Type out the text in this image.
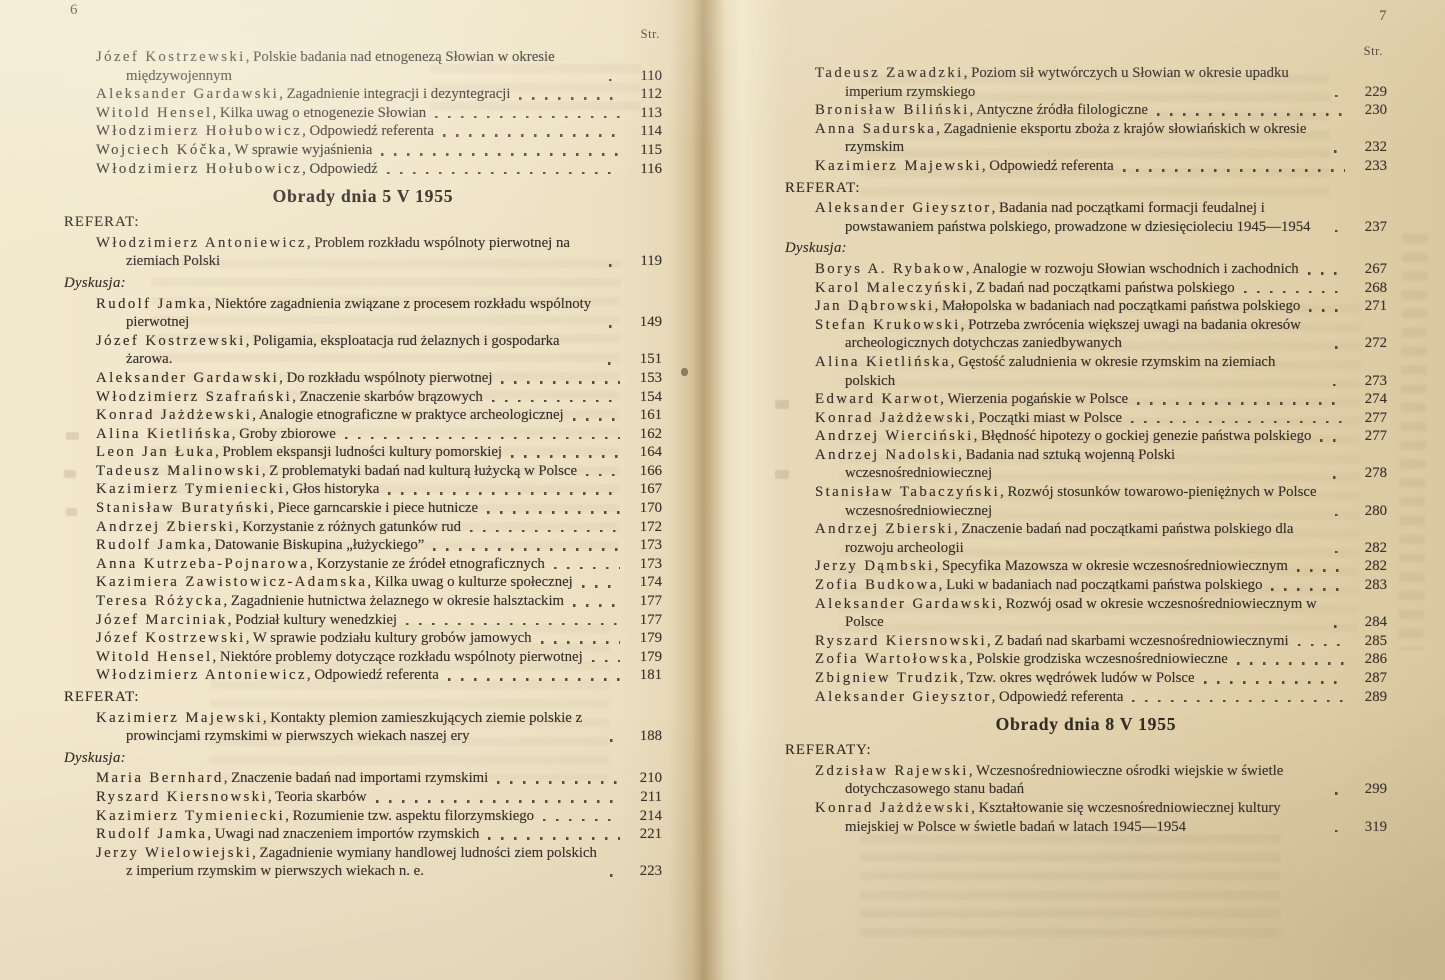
6
Str.
Józef Kostrzewski, Polskie badania nad etnogenezą Słowian w okresie międzywojennym	110
Aleksander Gardawski, Zagadnienie integracji i dezyntegracji	112
Witold Hensel, Kilka uwag o etnogenezie Słowian	113
Włodzimierz Hołubowicz, Odpowiedź referenta	114
Wojciech Kóčka, W sprawie wyjaśnienia	115
Włodzimierz Hołubowicz, Odpowiedź	116
Obrady dnia 5 V 1955
REFERAT:
Włodzimierz Antoniewicz, Problem rozkładu wspólnoty pierwotnej na ziemiach Polski	119
Dyskusja:
Rudolf Jamka, Niektóre zagadnienia związane z procesem rozkładu wspólnoty pierwotnej	149
Józef Kostrzewski, Poligamia, eksploatacja rud żelaznych i gospodarka żarowa.	151
Aleksander Gardawski, Do rozkładu wspólnoty pierwotnej	153
Włodzimierz Szafrański, Znaczenie skarbów brązowych	154
Konrad Jażdżewski, Analogie etnograficzne w praktyce archeologicznej	161
Alina Kietlińska, Groby zbiorowe	162
Leon Jan Łuka, Problem ekspansji ludności kultury pomorskiej	164
Tadeusz Malinowski, Z problematyki badań nad kulturą łużycką w Polsce	166
Kazimierz Tymieniecki, Głos historyka	167
Stanisław Buratyński, Piece garncarskie i piece hutnicze	170
Andrzej Zbierski, Korzystanie z różnych gatunków rud	172
Rudolf Jamka, Datowanie Biskupina „łużyckiego”	173
Anna Kutrzeba-Pojnarowa, Korzystanie ze źródeł etnograficznych	173
Kazimiera Zawistowicz-Adamska, Kilka uwag o kulturze społecznej	174
Teresa Różycka, Zagadnienie hutnictwa żelaznego w okresie halsztackim	177
Józef Marciniak, Podział kultury wenedzkiej	177
Józef Kostrzewski, W sprawie podziału kultury grobów jamowych	179
Witold Hensel, Niektóre problemy dotyczące rozkładu wspólnoty pierwotnej	179
Włodzimierz Antoniewicz, Odpowiedź referenta	181
REFERAT:
Kazimierz Majewski, Kontakty plemion zamieszkujących ziemie polskie z prowincjami rzymskimi w pierwszych wiekach naszej ery	188
Dyskusja:
Maria Bernhard, Znaczenie badań nad importami rzymskimi	210
Ryszard Kiersnowski, Teoria skarbów	211
Kazimierz Tymieniecki, Rozumienie tzw. aspektu filorzymskiego	214
Rudolf Jamka, Uwagi nad znaczeniem importów rzymskich	221
Jerzy Wielowiejski, Zagadnienie wymiany handlowej ludności ziem polskich z imperium rzymskim w pierwszych wiekach n. e.	223
7
Str.
Tadeusz Zawadzki, Poziom sił wytwórczych u Słowian w okresie upadku imperium rzymskiego	229
Bronisław Biliński, Antyczne źródła filologiczne	230
Anna Sadurska, Zagadnienie eksportu zboża z krajów słowiańskich w okresie rzymskim	232
Kazimierz Majewski, Odpowiedź referenta	233
REFERAT:
Aleksander Gieysztor, Badania nad początkami formacji feudalnej i powstawaniem państwa polskiego, prowadzone w dziesięcioleciu 1945—1954	237
Dyskusja:
Borys A. Rybakow, Analogie w rozwoju Słowian wschodnich i zachodnich	267
Karol Maleczyński, Z badań nad początkami państwa polskiego	268
Jan Dąbrowski, Małopolska w badaniach nad początkami państwa polskiego	271
Stefan Krukowski, Potrzeba zwrócenia większej uwagi na badania okresów archeologicznych dotychczas zaniedbywanych	272
Alina Kietlińska, Gęstość zaludnienia w okresie rzymskim na ziemiach polskich	273
Edward Karwot, Wierzenia pogańskie w Polsce	274
Konrad Jażdżewski, Początki miast w Polsce	277
Andrzej Wierciński, Błędność hipotezy o gockiej genezie państwa polskiego	277
Andrzej Nadolski, Badania nad sztuką wojenną Polski wczesnośredniowiecznej	278
Stanisław Tabaczyński, Rozwój stosunków towarowo-pieniężnych w Polsce wczesnośredniowiecznej	280
Andrzej Zbierski, Znaczenie badań nad początkami państwa polskiego dla rozwoju archeologii	282
Jerzy Dąmbski, Specyfika Mazowsza w okresie wczesnośredniowiecznym	282
Zofia Budkowa, Luki w badaniach nad początkami państwa polskiego	283
Aleksander Gardawski, Rozwój osad w okresie wczesnośredniowiecznym w Polsce	284
Ryszard Kiersnowski, Z badań nad skarbami wczesnośredniowiecznymi	285
Zofia Wartołowska, Polskie grodziska wczesnośredniowieczne	286
Zbigniew Trudzik, Tzw. okres wędrówek ludów w Polsce	287
Aleksander Gieysztor, Odpowiedź referenta	289
Obrady dnia 8 V 1955
REFERATY:
Zdzisław Rajewski, Wczesnośredniowieczne ośrodki wiejskie w świetle dotychczasowego stanu badań	299
Konrad Jażdżewski, Kształtowanie się wczesnośredniowiecznej kultury miejskiej w Polsce w świetle badań w latach 1945—1954	319
